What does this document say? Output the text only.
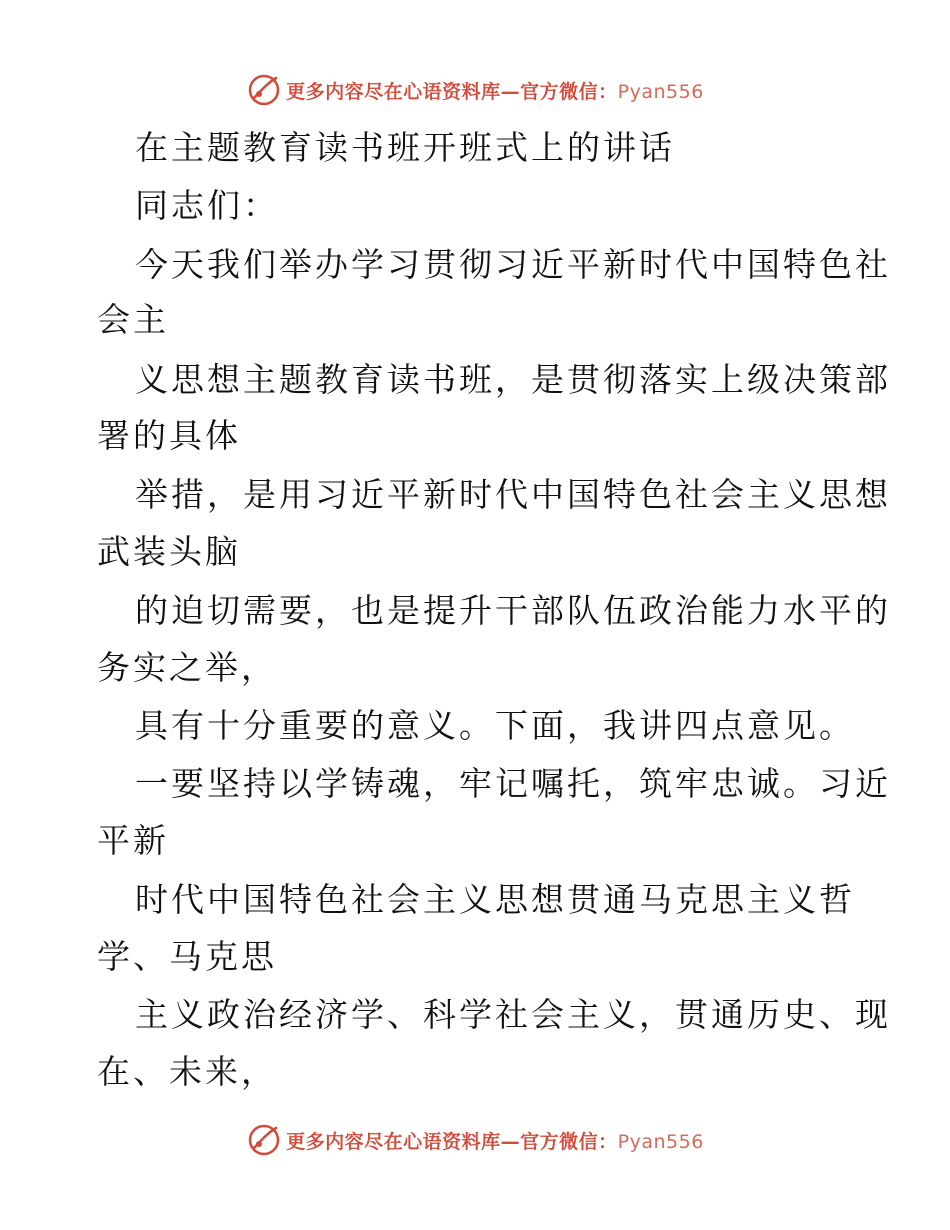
更多内容尽在心语资料库—官方微信：Pyan556
在主题教育读书班开班式上的讲话
同志们：
今天我们举办学习贯彻习近平新时代中国特色社
会主
义思想主题教育读书班，是贯彻落实上级决策部
署的具体
举措，是用习近平新时代中国特色社会主义思想
武装头脑
的迫切需要，也是提升干部队伍政治能力水平的
务实之举，
具有十分重要的意义。下面，我讲四点意见。
一要坚持以学铸魂，牢记嘱托，筑牢忠诚。习近
平新
时代中国特色社会主义思想贯通马克思主义哲
学、马克思
主义政治经济学、科学社会主义，贯通历史、现
在、未来，
更多内容尽在心语资料库—官方微信：Pyan556
